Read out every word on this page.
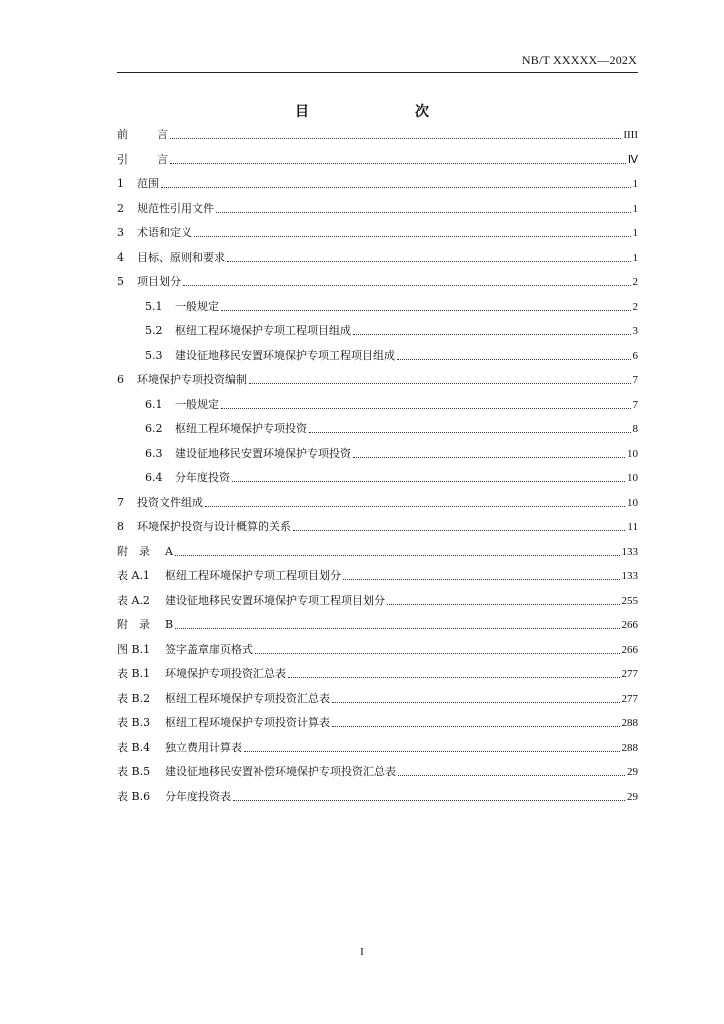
NB/T XXXXX—202X
目　　次
前	言	IIII
引	言	Ⅳ
1	范围	1
2	规范性引用文件	1
3	术语和定义	1
4	目标、原则和要求	1
5	项目划分	2
5.1	一般规定	2
5.2	枢纽工程环境保护专项工程项目组成	3
5.3	建设征地移民安置环境保护专项工程项目组成	6
6	环境保护专项投资编制	7
6.1	一般规定	7
6.2	枢纽工程环境保护专项投资	8
6.3	建设征地移民安置环境保护专项投资	10
6.4	分年度投资	10
7	投资文件组成	10
8	环境保护投资与设计概算的关系	11
附　录	A	133
表 A.1	枢纽工程环境保护专项工程项目划分	133
表 A.2	建设征地移民安置环境保护专项工程项目划分	255
附　录	B	266
图 B.1	签字盖章扉页格式	266
表 B.1	环境保护专项投资汇总表	277
表 B.2	枢纽工程环境保护专项投资汇总表	277
表 B.3	枢纽工程环境保护专项投资计算表	288
表 B.4	独立费用计算表	288
表 B.5	建设征地移民安置补偿环境保护专项投资汇总表	29
表 B.6	分年度投资表	29
I
